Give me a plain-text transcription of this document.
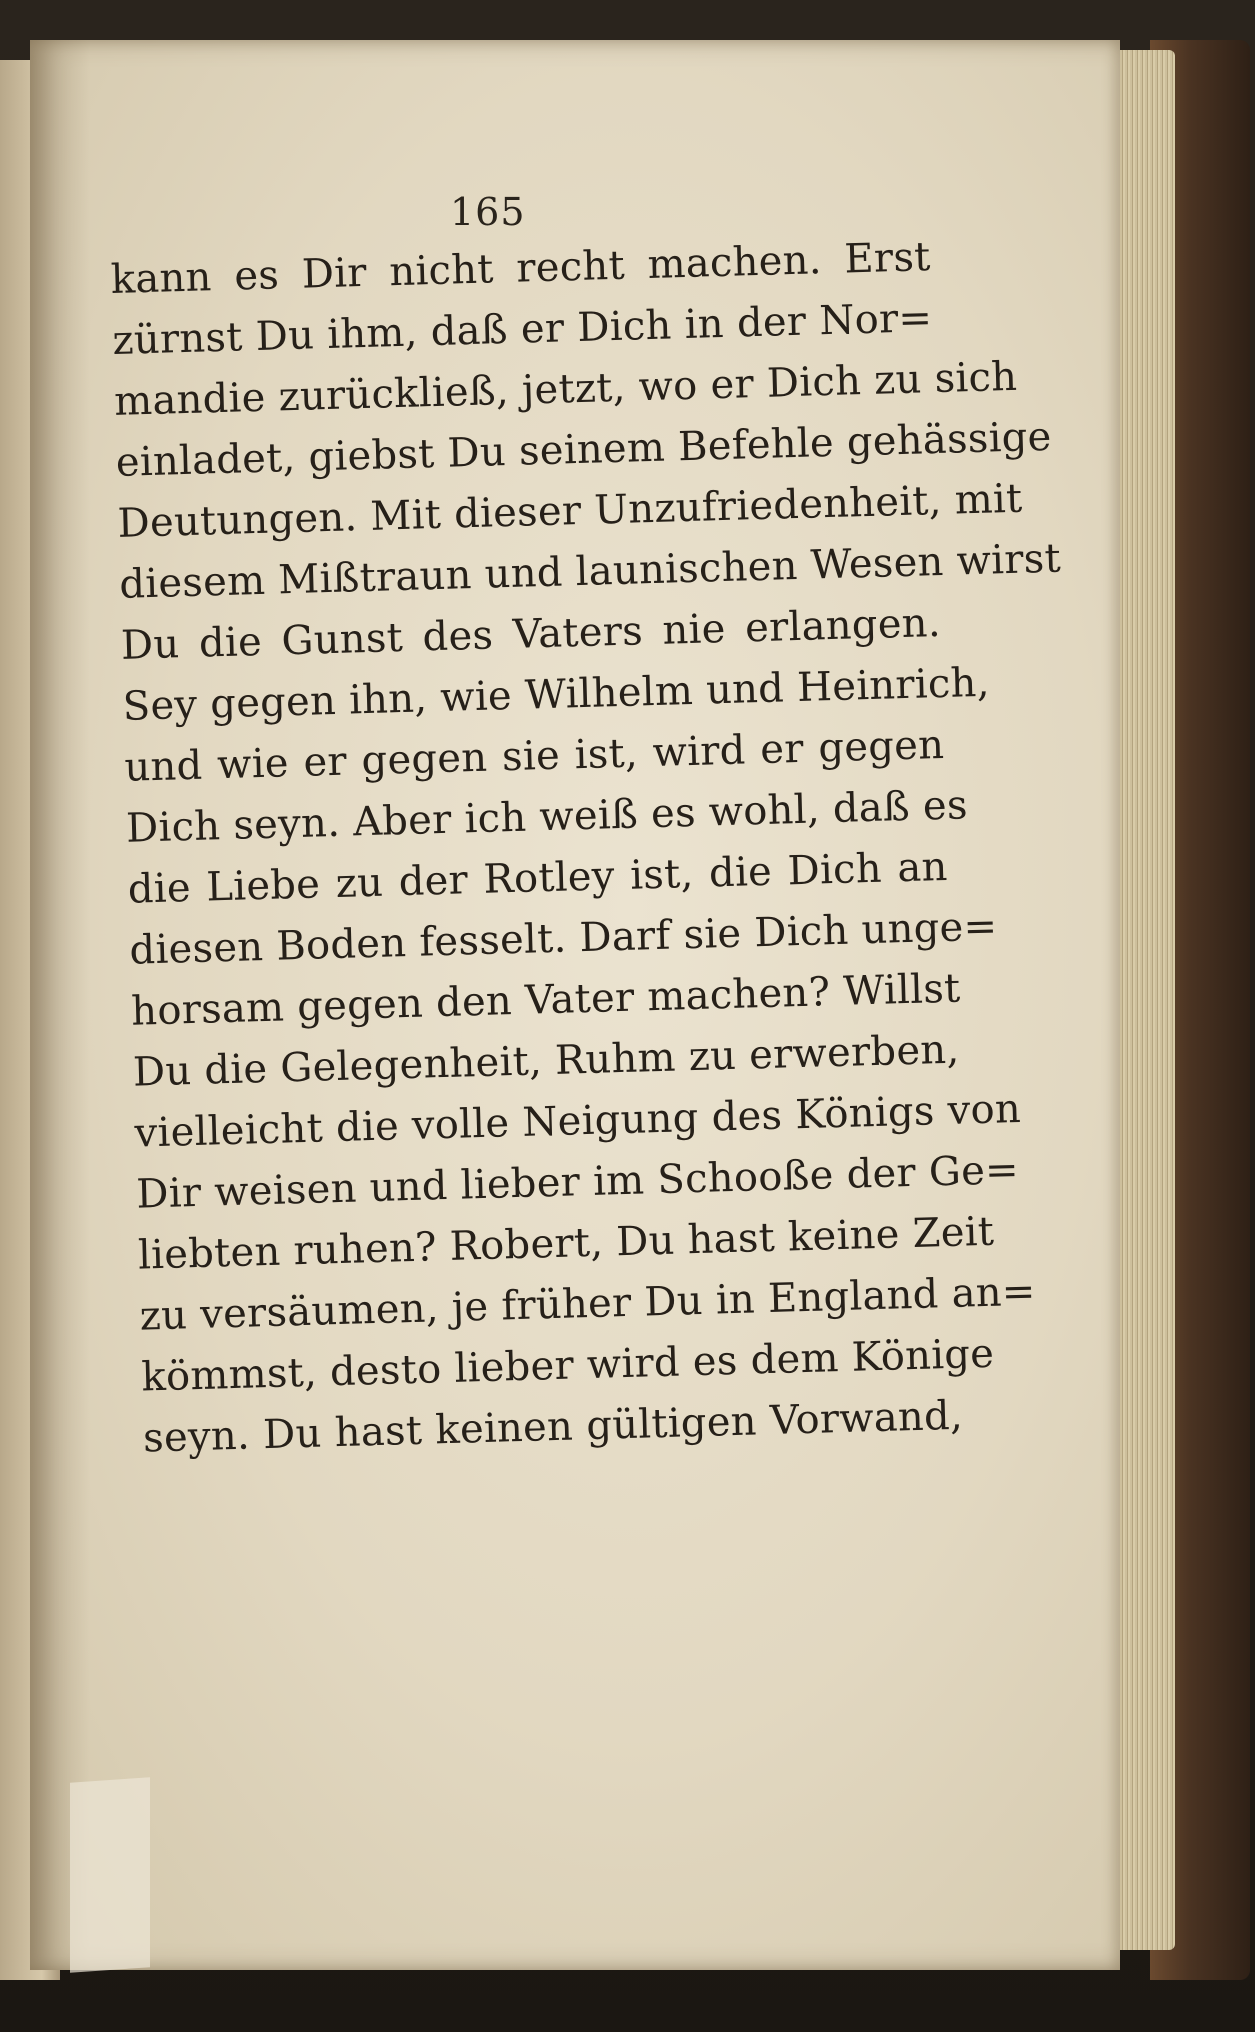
165
kann es Dir nicht recht machen. Erst
zürnst Du ihm, daß er Dich in der Nor=
mandie zurückließ, jetzt, wo er Dich zu sich
einladet, giebst Du seinem Befehle gehässige
Deutungen. Mit dieser Unzufriedenheit, mit
diesem Mißtraun und launischen Wesen wirst
Du die Gunst des Vaters nie erlangen.
Sey gegen ihn, wie Wilhelm und Heinrich,
und wie er gegen sie ist, wird er gegen
Dich seyn. Aber ich weiß es wohl, daß es
die Liebe zu der Rotley ist, die Dich an
diesen Boden fesselt. Darf sie Dich unge=
horsam gegen den Vater machen? Willst
Du die Gelegenheit, Ruhm zu erwerben,
vielleicht die volle Neigung des Königs von
Dir weisen und lieber im Schooße der Ge=
liebten ruhen? Robert, Du hast keine Zeit
zu versäumen, je früher Du in England an=
kömmst, desto lieber wird es dem Könige
seyn. Du hast keinen gültigen Vorwand,
